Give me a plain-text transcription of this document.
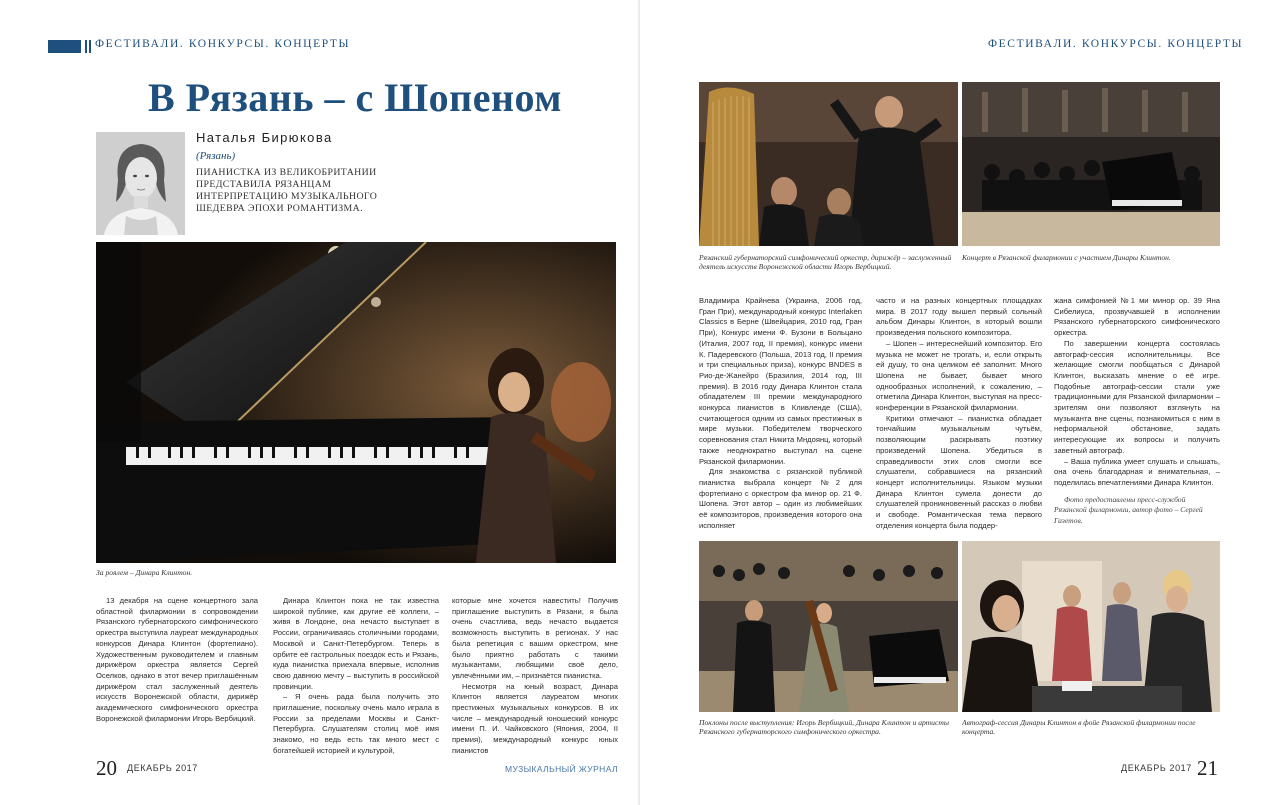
ФЕСТИВАЛИ. КОНКУРСЫ. КОНЦЕРТЫ
В Рязань – с Шопеном
Наталья Бирюкова
(Рязань)
ПИАНИСТКА ИЗ ВЕЛИКОБРИТАНИИ ПРЕДСТАВИЛА РЯЗАНЦАМ ИНТЕРПРЕТАЦИЮ МУЗЫКАЛЬНОГО ШЕДЕВРА ЭПОХИ РОМАНТИЗМА.
За роялем – Динара Клинтон.

13 декабря на сцене концертного зала областной филармонии в сопровождении Рязанского губернаторского симфонического оркестра выступила лауреат международных конкурсов Динара Клинтон (фортепиано). Художественным руководителем и главным дирижёром оркестра является Сергей Оселков, однако в этот вечер приглашённым дирижёром стал заслуженный деятель искусств Воронежской области, дирижёр академического симфонического оркестра Воронежской филармонии Игорь Вербицкий.

Динара Клинтон пока не так известна широкой публике, как другие её коллеги, – живя в Лондоне, она нечасто выступает в России, ограничиваясь столичными городами, Москвой и Санкт-Петербургом. Теперь в орбите её гастрольных поездок есть и Рязань, куда пианистка приехала впервые, исполнив свою давнюю мечту – выступить в российской провинции.

– Я очень рада была получить это приглашение, поскольку очень мало играла в России за пределами Москвы и Санкт-Петербурга. Слушателям столиц моё имя знакомо, но ведь есть так много мест с богатейшей историей и культурой,

которые мне хочется навестить! Получив приглашение выступить в Рязани, я была очень счастлива, ведь нечасто выдается возможность выступить в регионах. У нас была репетиция с вашим оркестром, мне было приятно работать с такими музыкантами, любящими своё дело, увлечёнными им, – признаётся пианистка.

Несмотря на юный возраст, Динара Клинтон является лауреатом многих престижных музыкальных конкурсов. В их числе – международный юношеский конкурс имени П. И. Чайковского (Япония, 2004, II премия), международный конкурс юных пианистов

20 ДЕКАБРЬ 2017
ФЕСТИВАЛИ. КОНКУРСЫ. КОНЦЕРТЫ
Рязанский губернаторский симфонический оркестр, дирижёр – заслуженный деятель искусств Воронежской области Игорь Вербицкий.
Концерт в Рязанской филармонии с участием Динары Клинтон.

Владимира Крайнева (Украина, 2006 год, Гран При), международный конкурс Interlaken Classics в Берне (Швейцария, 2010 год, Гран При), Конкурс имени Ф. Бузони в Больцано (Италия, 2007 год, II премия), конкурс имени К. Падеревского (Польша, 2013 год, II премия и три специальных приза), конкурс BNDES в Рио-де-Жанейро (Бразилия, 2014 год, III премия). В 2016 году Динара Клинтон стала обладателем III премии международного конкурса пианистов в Кливленде (США), считающегося одним из самых престижных в мире музыки. Победителем творческого соревнования стал Никита Мндоянц, который также неоднократно выступал на сцене Рязанской филармонии.

Для знакомства с рязанской публикой пианистка выбрала концерт №2 для фортепиано с оркестром фа минор ор. 21 Ф. Шопена. Этот автор – один из любимейших её композиторов, произведения которого она исполняет

часто и на разных концертных площадках мира. В 2017 году вышел первый сольный альбом Динары Клинтон, в который вошли произведения польского композитора.

– Шопен – интереснейший композитор. Его музыка не может не трогать, и, если открыть ей душу, то она целиком её заполнит. Много Шопена не бывает, бывает много однообразных исполнений, к сожалению, – отметила Динара Клинтон, выступая на пресс-конференции в Рязанской филармонии.

Критики отмечают – пианистка обладает тончайшим музыкальным чутьём, позволяющим раскрывать поэтику произведений Шопена. Убедиться в справедливости этих слов смогли все слушатели, собравшиеся на рязанский концерт исполнительницы. Языком музыки Динара Клинтон сумела донести до слушателей проникновенный рассказ о любви и свободе. Романтическая тема первого отделения концерта была поддер-

жана симфонией №1 ми минор ор. 39 Яна Сибелиуса, прозвучавшей в исполнении Рязанского губернаторского симфонического оркестра.

По завершении концерта состоялась автограф-сессия исполнительницы. Все желающие смогли пообщаться с Динарой Клинтон, высказать мнение о её игре. Подобные автограф-сессии стали уже традиционными для Рязанской филармонии – зрителям они позволяют взглянуть на музыканта вне сцены, познакомиться с ним в неформальной обстановке, задать интересующие их вопросы и получить заветный автограф.

– Ваша публика умеет слушать и слышать, она очень благодарная и внимательная, – поделилась впечатлениями Динара Клинтон.

Фото предоставлены пресс-службой Рязанской филармонии, автор фото – Сергей Газетов.

Поклоны после выступления: Игорь Вербицкий, Динара Клинтон и артисты Рязанского губернаторского симфонического оркестра.
Автограф-сессия Динары Клинтон в фойе Рязанской филармонии после концерта.
МУЗЫКАЛЬНЫЙ ЖУРНАЛ	ДЕКАБРЬ 2017 21
